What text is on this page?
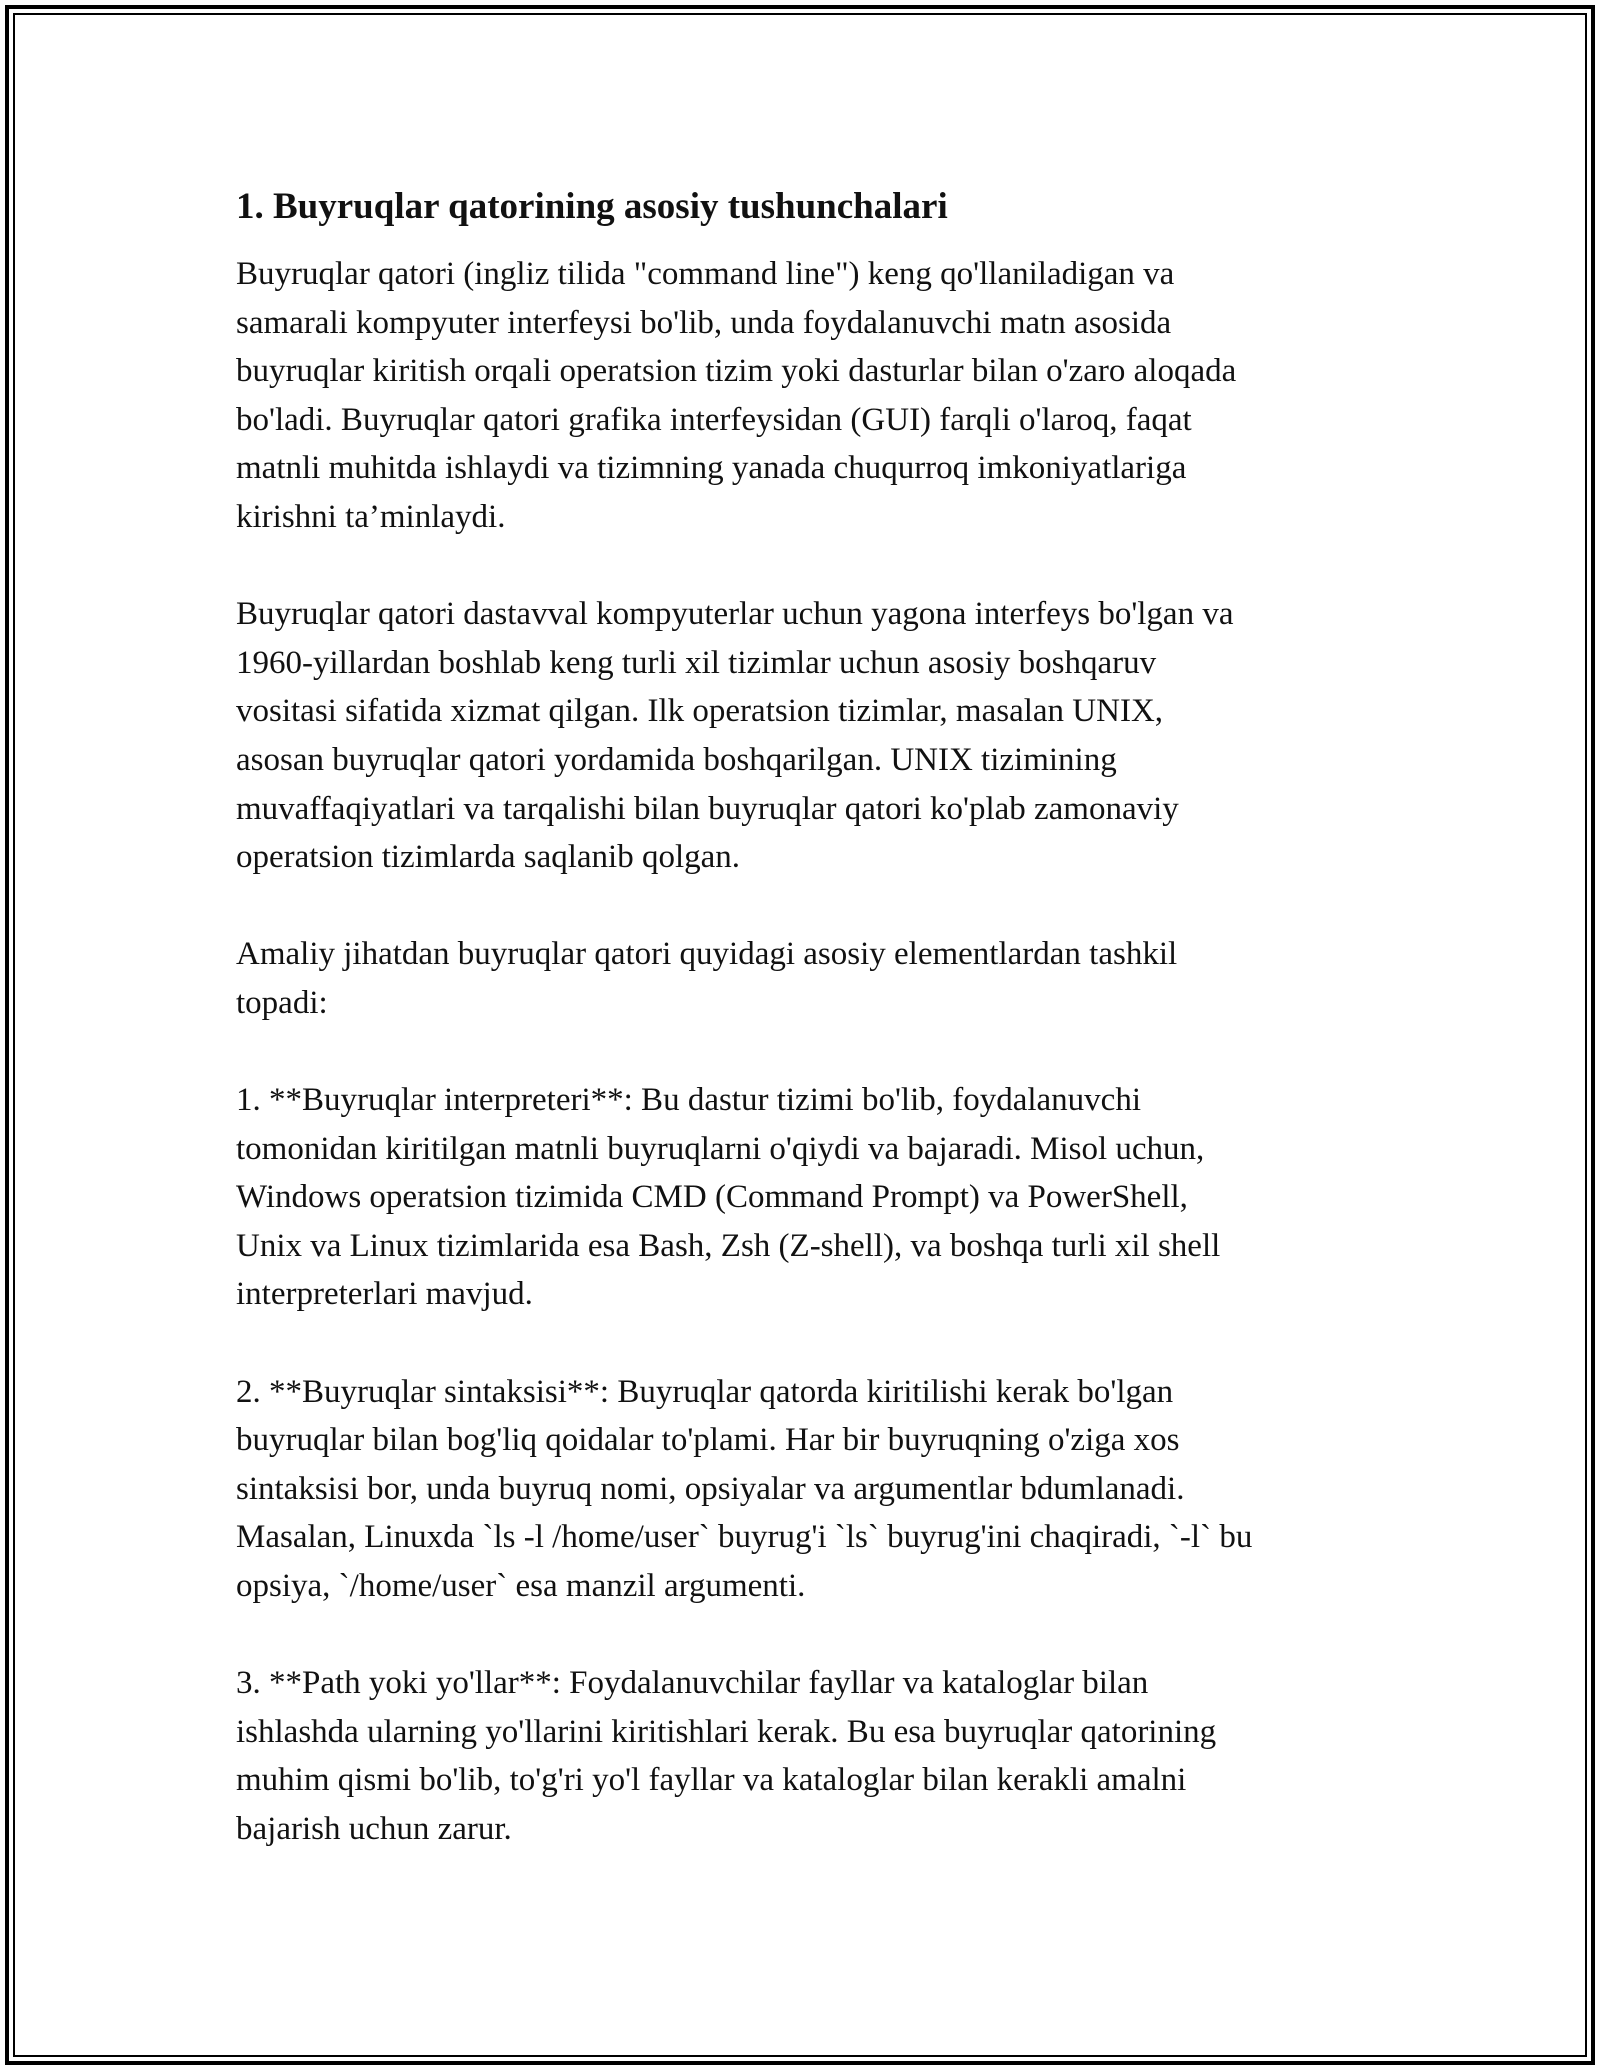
1. Buyruqlar qatorining asosiy tushunchalari

Buyruqlar qatori (ingliz tilida "command line") keng qo'llaniladigan va
samarali kompyuter interfeysi bo'lib, unda foydalanuvchi matn asosida
buyruqlar kiritish orqali operatsion tizim yoki dasturlar bilan o'zaro aloqada
bo'ladi. Buyruqlar qatori grafika interfeysidan (GUI) farqli o'laroq, faqat
matnli muhitda ishlaydi va tizimning yanada chuqurroq imkoniyatlariga
kirishni ta’minlaydi.

Buyruqlar qatori dastavval kompyuterlar uchun yagona interfeys bo'lgan va
1960-yillardan boshlab keng turli xil tizimlar uchun asosiy boshqaruv
vositasi sifatida xizmat qilgan. Ilk operatsion tizimlar, masalan UNIX,
asosan buyruqlar qatori yordamida boshqarilgan. UNIX tizimining
muvaffaqiyatlari va tarqalishi bilan buyruqlar qatori ko'plab zamonaviy
operatsion tizimlarda saqlanib qolgan.

Amaliy jihatdan buyruqlar qatori quyidagi asosiy elementlardan tashkil
topadi:

1. **Buyruqlar interpreteri**: Bu dastur tizimi bo'lib, foydalanuvchi
tomonidan kiritilgan matnli buyruqlarni o'qiydi va bajaradi. Misol uchun,
Windows operatsion tizimida CMD (Command Prompt) va PowerShell,
Unix va Linux tizimlarida esa Bash, Zsh (Z-shell), va boshqa turli xil shell
interpreterlari mavjud.

2. **Buyruqlar sintaksisi**: Buyruqlar qatorda kiritilishi kerak bo'lgan
buyruqlar bilan bog'liq qoidalar to'plami. Har bir buyruqning o'ziga xos
sintaksisi bor, unda buyruq nomi, opsiyalar va argumentlar bdumlanadi.
Masalan, Linuxda `ls -l /home/user` buyrug'i `ls` buyrug'ini chaqiradi, `-l` bu
opsiya, `/home/user` esa manzil argumenti.

3. **Path yoki yo'llar**: Foydalanuvchilar fayllar va kataloglar bilan
ishlashda ularning yo'llarini kiritishlari kerak. Bu esa buyruqlar qatorining
muhim qismi bo'lib, to'g'ri yo'l fayllar va kataloglar bilan kerakli amalni
bajarish uchun zarur.
